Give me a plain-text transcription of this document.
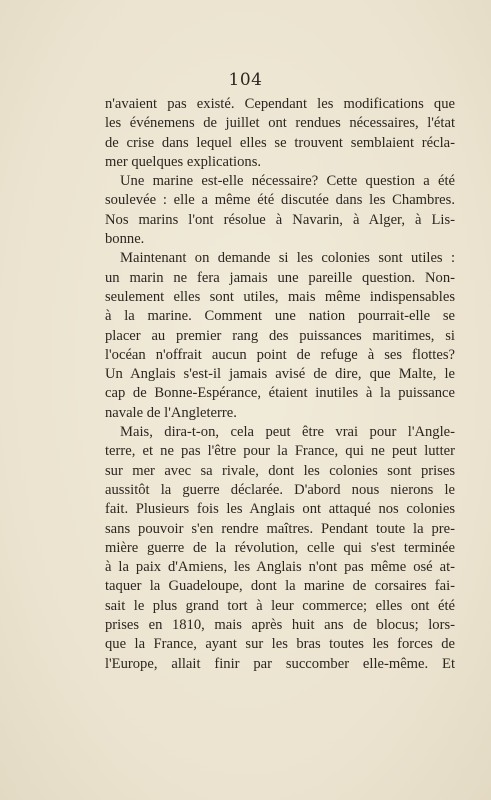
104
n'avaient pas existé. Cependant les modifications que
les événemens de juillet ont rendues nécessaires, l'état
de crise dans lequel elles se trouvent semblaient récla-
mer quelques explications.
Une marine est-elle nécessaire? Cette question a été
soulevée : elle a même été discutée dans les Chambres.
Nos marins l'ont résolue à Navarin, à Alger, à Lis-
bonne.
Maintenant on demande si les colonies sont utiles :
un marin ne fera jamais une pareille question. Non-
seulement elles sont utiles, mais même indispensables
à la marine. Comment une nation pourrait-elle se
placer au premier rang des puissances maritimes, si
l'océan n'offrait aucun point de refuge à ses flottes?
Un Anglais s'est-il jamais avisé de dire, que Malte, le
cap de Bonne-Espérance, étaient inutiles à la puissance
navale de l'Angleterre.
Mais, dira-t-on, cela peut être vrai pour l'Angle-
terre, et ne pas l'être pour la France, qui ne peut lutter
sur mer avec sa rivale, dont les colonies sont prises
aussitôt la guerre déclarée. D'abord nous nierons le
fait. Plusieurs fois les Anglais ont attaqué nos colonies
sans pouvoir s'en rendre maîtres. Pendant toute la pre-
mière guerre de la révolution, celle qui s'est terminée
à la paix d'Amiens, les Anglais n'ont pas même osé at-
taquer la Guadeloupe, dont la marine de corsaires fai-
sait le plus grand tort à leur commerce; elles ont été
prises en 1810, mais après huit ans de blocus; lors-
que la France, ayant sur les bras toutes les forces de
l'Europe, allait finir par succomber elle-même. Et
